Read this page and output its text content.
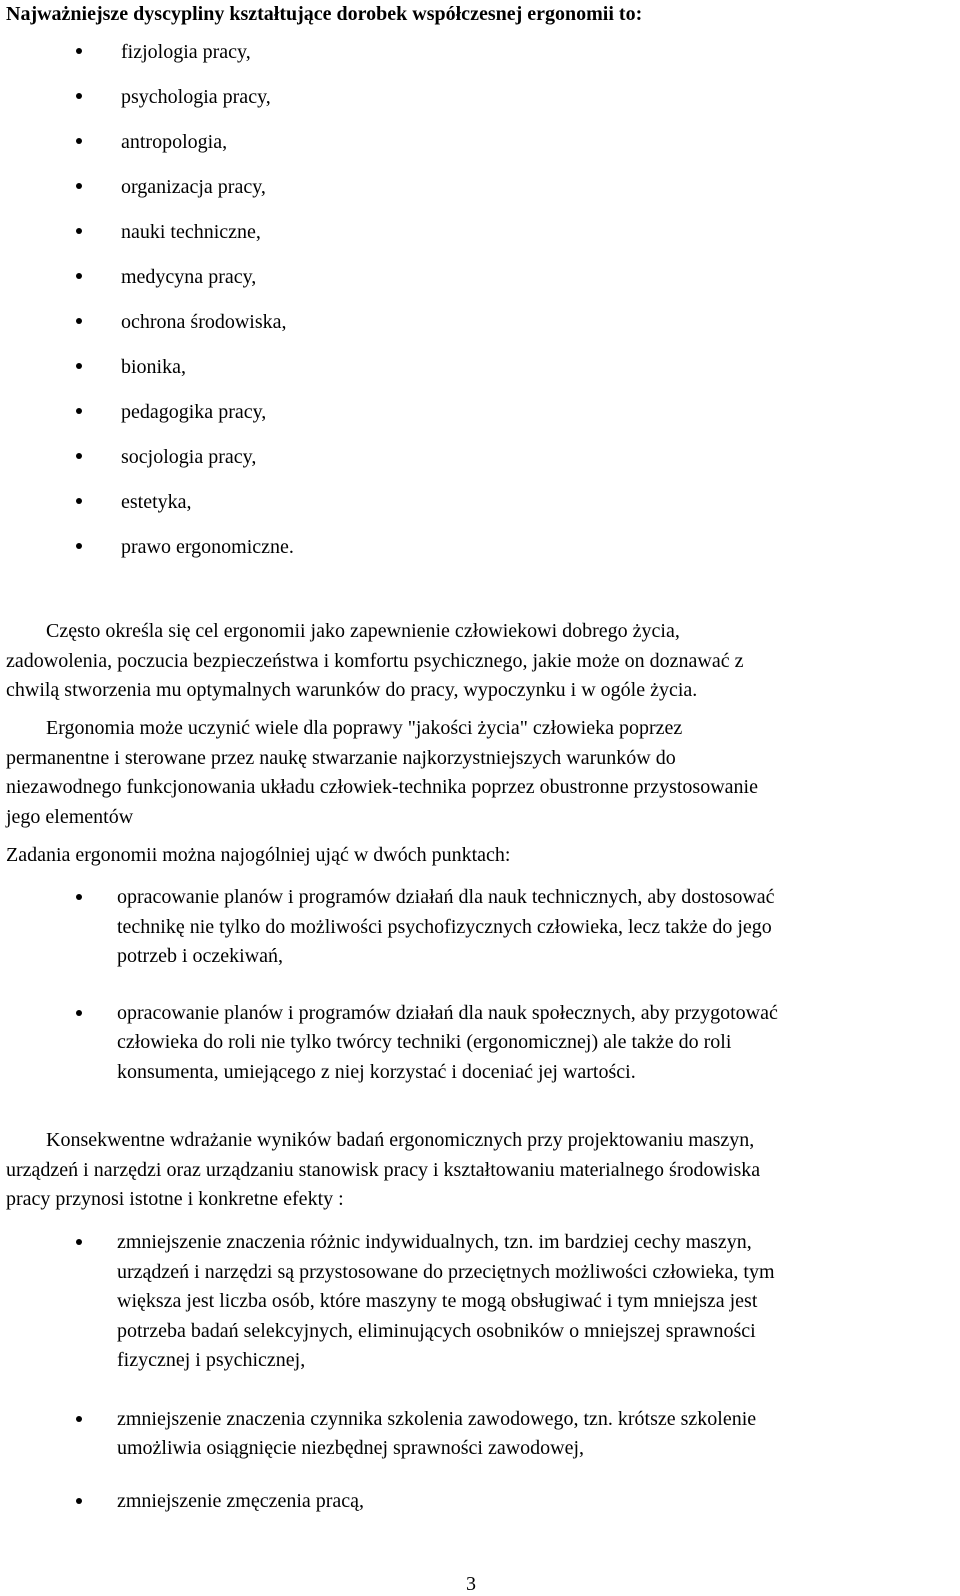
Najważniejsze dyscypliny kształtujące dorobek współczesnej ergonomii to:
fizjologia pracy,
psychologia pracy,
antropologia,
organizacja pracy,
nauki techniczne,
medycyna pracy,
ochrona środowiska,
bionika,
pedagogika pracy,
socjologia pracy,
estetyka,
prawo ergonomiczne.

Często określa się cel ergonomii jako zapewnienie człowiekowi dobrego życia,
zadowolenia, poczucia bezpieczeństwa i komfortu psychicznego, jakie może on doznawać z
chwilą stworzenia mu optymalnych warunków do pracy, wypoczynku i w ogóle życia.

Ergonomia może uczynić wiele dla poprawy "jakości życia" człowieka poprzez
permanentne i sterowane przez naukę stwarzanie najkorzystniejszych warunków do
niezawodnego funkcjonowania układu człowiek-technika poprzez obustronne przystosowanie
jego elementów

Zadania ergonomii można najogólniej ująć w dwóch punktach:

opracowanie planów i programów działań dla nauk technicznych, aby dostosować
technikę nie tylko do możliwości psychofizycznych człowieka, lecz także do jego
potrzeb i oczekiwań,
opracowanie planów i programów działań dla nauk społecznych, aby przygotować
człowieka do roli nie tylko twórcy techniki (ergonomicznej) ale także do roli
konsumenta, umiejącego z niej korzystać i doceniać jej wartości.

Konsekwentne wdrażanie wyników badań ergonomicznych przy projektowaniu maszyn,
urządzeń i narzędzi oraz urządzaniu stanowisk pracy i kształtowaniu materialnego środowiska
pracy przynosi istotne i konkretne efekty :

zmniejszenie znaczenia różnic indywidualnych, tzn. im bardziej cechy maszyn,
urządzeń i narzędzi są przystosowane do przeciętnych możliwości człowieka, tym
większa jest liczba osób, które maszyny te mogą obsługiwać i tym mniejsza jest
potrzeba badań selekcyjnych, eliminujących osobników o mniejszej sprawności
fizycznej i psychicznej,
zmniejszenie znaczenia czynnika szkolenia zawodowego, tzn. krótsze szkolenie
umożliwia osiągnięcie niezbędnej sprawności zawodowej,
zmniejszenie zmęczenia pracą,
3
